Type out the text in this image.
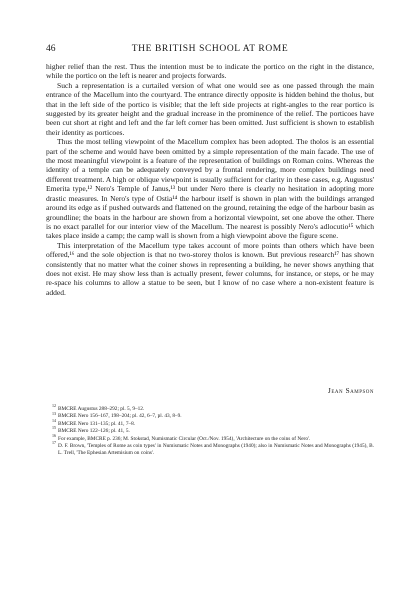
46	THE BRITISH SCHOOL AT ROME

higher relief than the rest. Thus the intention must be to indicate the portico on the right in the distance, while the portico on the left is nearer and projects forwards.

Such a representation is a curtailed version of what one would see as one passed through the main entrance of the Macellum into the courtyard. The entrance directly opposite is hidden behind the tholus, but that in the left side of the portico is visible; that the left side projects at right-angles to the rear portico is suggested by its greater height and the gradual increase in the prominence of the relief. The porticoes have been cut short at right and left and the far left corner has been omitted. Just sufficient is shown to establish their identity as porticoes.

Thus the most telling viewpoint of the Macellum complex has been adopted. The tholos is an essential part of the scheme and would have been omitted by a simple representation of the main facade. The use of the most meaningful viewpoint is a feature of the representation of buildings on Roman coins. Whereas the identity of a temple can be adequately conveyed by a frontal rendering, more complex buildings need different treatment. A high or oblique viewpoint is usually sufficient for clarity in these cases, e.g. Augustus' Emerita type,¹² Nero's Temple of Janus,¹³ but under Nero there is clearly no hesitation in adopting more drastic measures. In Nero's type of Ostia¹⁴ the harbour itself is shown in plan with the buildings arranged around its edge as if pushed outwards and flattened on the ground, retaining the edge of the harbour basin as groundline; the boats in the harbour are shown from a horizontal viewpoint, set one above the other. There is no exact parallel for our interior view of the Macellum. The nearest is possibly Nero's adlocutio¹⁵ which takes place inside a camp; the camp wall is shown from a high viewpoint above the figure scene.

This interpretation of the Macellum type takes account of more points than others which have been offered,¹⁶ and the sole objection is that no two-storey tholos is known. But previous research¹⁷ has shown consistently that no matter what the coiner shows in representing a building, he never shows anything that does not exist. He may show less than is actually present, fewer columns, for instance, or steps, or he may re-space his columns to allow a statue to be seen, but I know of no case where a non-existent feature is added.

Jean Sampson

$^{12}$BMCRE Augustus 288–292; pl. 5, 9–12.

$^{13}$BMCRE Nero 156–167, 198–204; pl. 42, 6–7, pl. 43, 8–9.

$^{14}$BMCRE Nero 131–135; pl. 41, 7–8.

$^{15}$BMCRE Nero 122–126; pl. 41, 5.

$^{16}$For example, BMCRE p. 236; M. Stokstad, Numismatic Circular (Oct./Nov. 1954), 'Architecture on the coins of Nero'.

$^{17}$D. F. Brown, 'Temples of Rome as coin types' in Numismatic Notes and Monographs (1940); also in Numismatic Notes and Monographs (1945), B. L. Trell, 'The Ephesian Artemisium on coins'.
